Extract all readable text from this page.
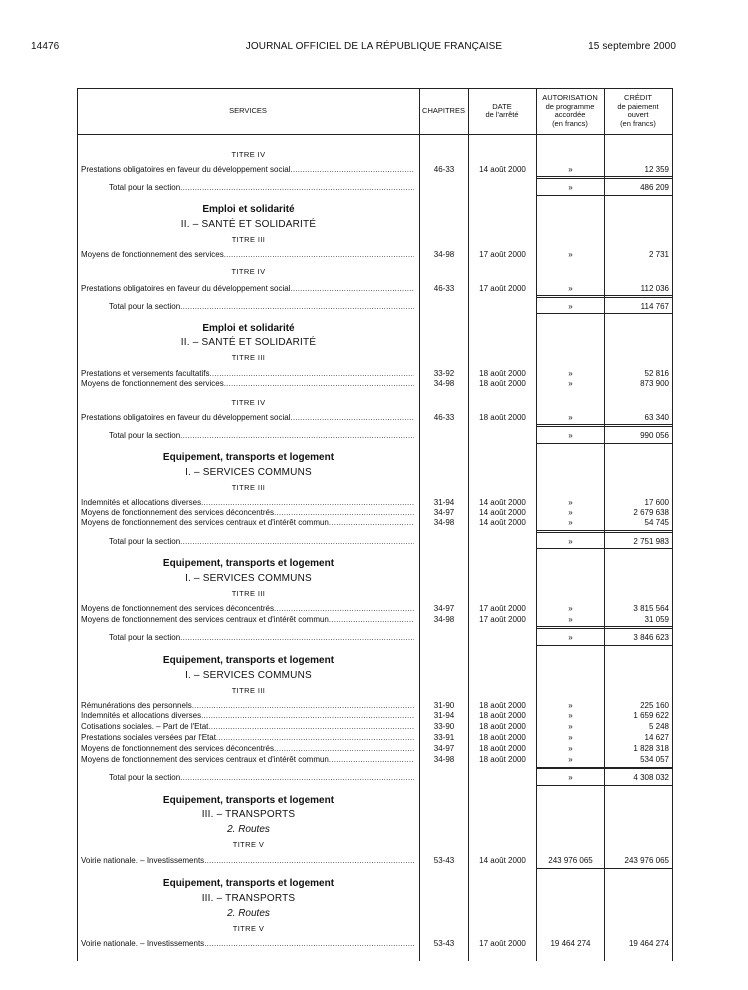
14476	JOURNAL OFFICIEL DE LA RÉPUBLIQUE FRANÇAISE	15 septembre 2000
SERVICES	CHAPITRES	DATE
de l'arrêté
AUTORISATION
de programme
accordée
(en francs)
CRÉDIT
de paiement
ouvert
(en francs)
TITRE IV
Prestations obligatoires en faveur du développement social .....	46-33	14 août 2000	»	12 359
Total pour la section .....	»	486 209
Emploi et solidarité
II. – SANTÉ ET SOLIDARITÉ
TITRE III
Moyens de fonctionnement des services .....	34-98	17 août 2000	»	2 731
TITRE IV
Prestations obligatoires en faveur du développement social .....	46-33	17 août 2000	»	112 036
Total pour la section .....	»	114 767
Emploi et solidarité
II. – SANTÉ ET SOLIDARITÉ
TITRE III
Prestations et versements facultatifs .....	33-92	18 août 2000	»	52 816
Moyens de fonctionnement des services .....	34-98	18 août 2000	»	873 900
TITRE IV
Prestations obligatoires en faveur du développement social .....	46-33	18 août 2000	»	63 340
Total pour la section .....	»	990 056
Equipement, transports et logement
I. – SERVICES COMMUNS
TITRE III
Indemnités et allocations diverses .....	31-94	14 août 2000	»	17 600
Moyens de fonctionnement des services déconcentrés .....	34-97	14 août 2000	»	2 679 638
Moyens de fonctionnement des services centraux et d'intérêt commun .....	34-98	14 août 2000	»	54 745
Total pour la section .....	»	2 751 983
Equipement, transports et logement
I. – SERVICES COMMUNS
TITRE III
Moyens de fonctionnement des services déconcentrés .....	34-97	17 août 2000	»	3 815 564
Moyens de fonctionnement des services centraux et d'intérêt commun .....	34-98	17 août 2000	»	31 059
Total pour la section .....	»	3 846 623
Equipement, transports et logement
I. – SERVICES COMMUNS
TITRE III
Rémunérations des personnels .....	31-90	18 août 2000	»	225 160
Indemnités et allocations diverses .....	31-94	18 août 2000	»	1 659 622
Cotisations sociales. – Part de l'Etat .....	33-90	18 août 2000	»	5 248
Prestations sociales versées par l'Etat .....	33-91	18 août 2000	»	14 627
Moyens de fonctionnement des services déconcentrés .....	34-97	18 août 2000	»	1 828 318
Moyens de fonctionnement des services centraux et d'intérêt commun .....	34-98	18 août 2000	»	534 057
Total pour la section .....	»	4 308 032
Equipement, transports et logement
III. – TRANSPORTS
2. Routes
TITRE V
Voirie nationale. – Investissements .....	53-43	14 août 2000	243 976 065	243 976 065
Equipement, transports et logement
III. – TRANSPORTS
2. Routes
TITRE V
Voirie nationale. – Investissements .....	53-43	17 août 2000	19 464 274	19 464 274
